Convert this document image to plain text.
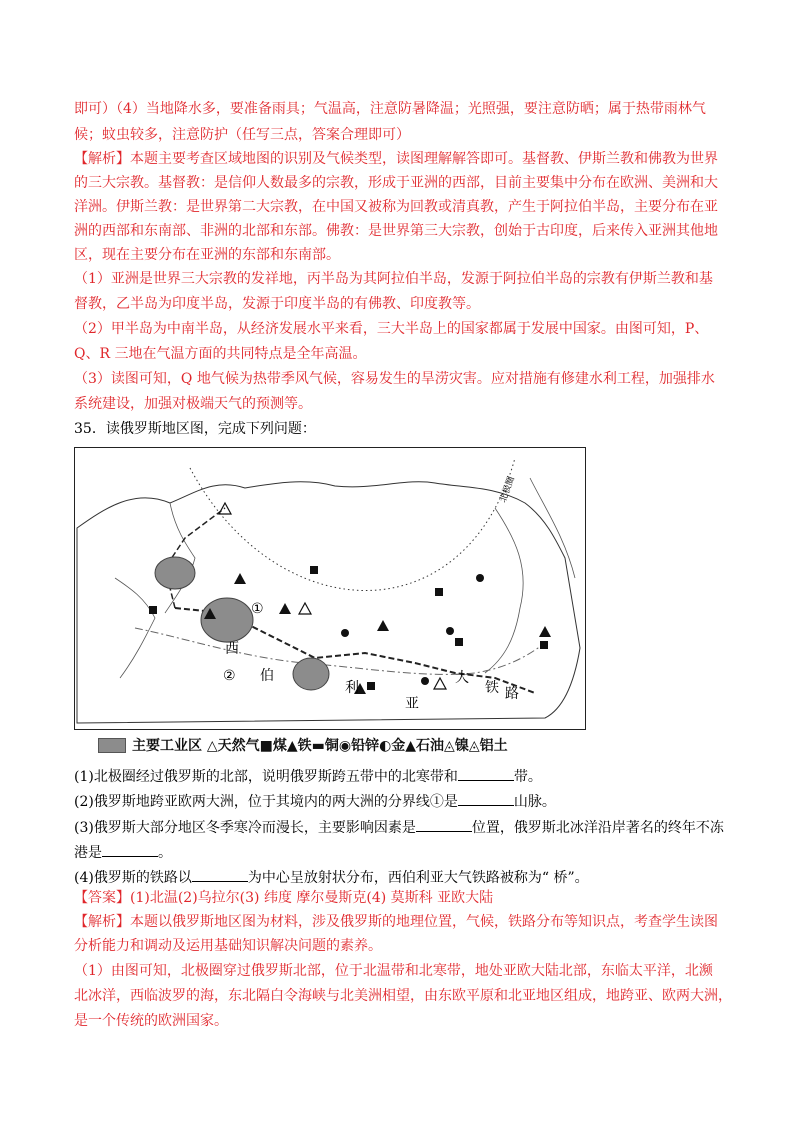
即可）（4）当地降水多，要准备雨具；气温高，注意防暑降温；光照强，要注意防晒；属于热带雨林气
候；蚊虫较多，注意防护（任写三点，答案合理即可）
【解析】本题主要考查区域地图的识别及气候类型，读图理解解答即可。基督教、伊斯兰教和佛教为世界
的三大宗教。基督教：是信仰人数最多的宗教，形成于亚洲的西部，目前主要集中分布在欧洲、美洲和大
洋洲。伊斯兰教：是世界第二大宗教，在中国又被称为回教或清真教，产生于阿拉伯半岛，主要分布在亚
洲的西部和东南部、非洲的北部和东部。佛教：是世界第三大宗教，创始于古印度，后来传入亚洲其他地
区，现在主要分布在亚洲的东部和东南部。
（1）亚洲是世界三大宗教的发祥地，丙半岛为其阿拉伯半岛，发源于阿拉伯半岛的宗教有伊斯兰教和基
督教，乙半岛为印度半岛，发源于印度半岛的有佛教、印度教等。
（2）甲半岛为中南半岛，从经济发展水平来看，三大半岛上的国家都属于发展中国家。由图可知，P、
Q、R 三地在气温方面的共同特点是全年高温。
（3）读图可知，Q 地气候为热带季风气候，容易发生的旱涝灾害。应对措施有修建水利工程，加强排水
系统建设，加强对极端天气的预测等。
35．读俄罗斯地区图，完成下列问题：
(1)北极圈经过俄罗斯的北部，说明俄罗斯跨五带中的北寒带和	带。
(2)俄罗斯地跨亚欧两大洲，位于其境内的两大洲的分界线①是	山脉。
(3)俄罗斯大部分地区冬季寒冷而漫长，主要影响因素是	位置，俄罗斯北冰洋沿岸著名的终年不冻
港是	。
(4)俄罗斯的铁路以	为中心呈放射状分布，西伯利亚大气铁路被称为“ 桥”。
【答案】(1)北温(2)乌拉尔(3) 纬度 摩尔曼斯克(4) 莫斯科 亚欧大陆
【解析】本题以俄罗斯地区图为材料，涉及俄罗斯的地理位置，气候，铁路分布等知识点，考查学生读图
分析能力和调动及运用基础知识解决问题的素养。
（1）由图可知，北极圈穿过俄罗斯北部，位于北温带和北寒带，地处亚欧大陆北部，东临太平洋，北濒
北冰洋，西临波罗的海，东北隔白令海峡与北美洲相望，由东欧平原和北亚地区组成，地跨亚、欧两大洲，
是一个传统的欧洲国家。
北极圈
①
②
西
伯
利
亚
大
铁 路
主要工业区 △天然气■煤▲铁▬铜◉铅锌◐金▲石油◬镍◬铝土
